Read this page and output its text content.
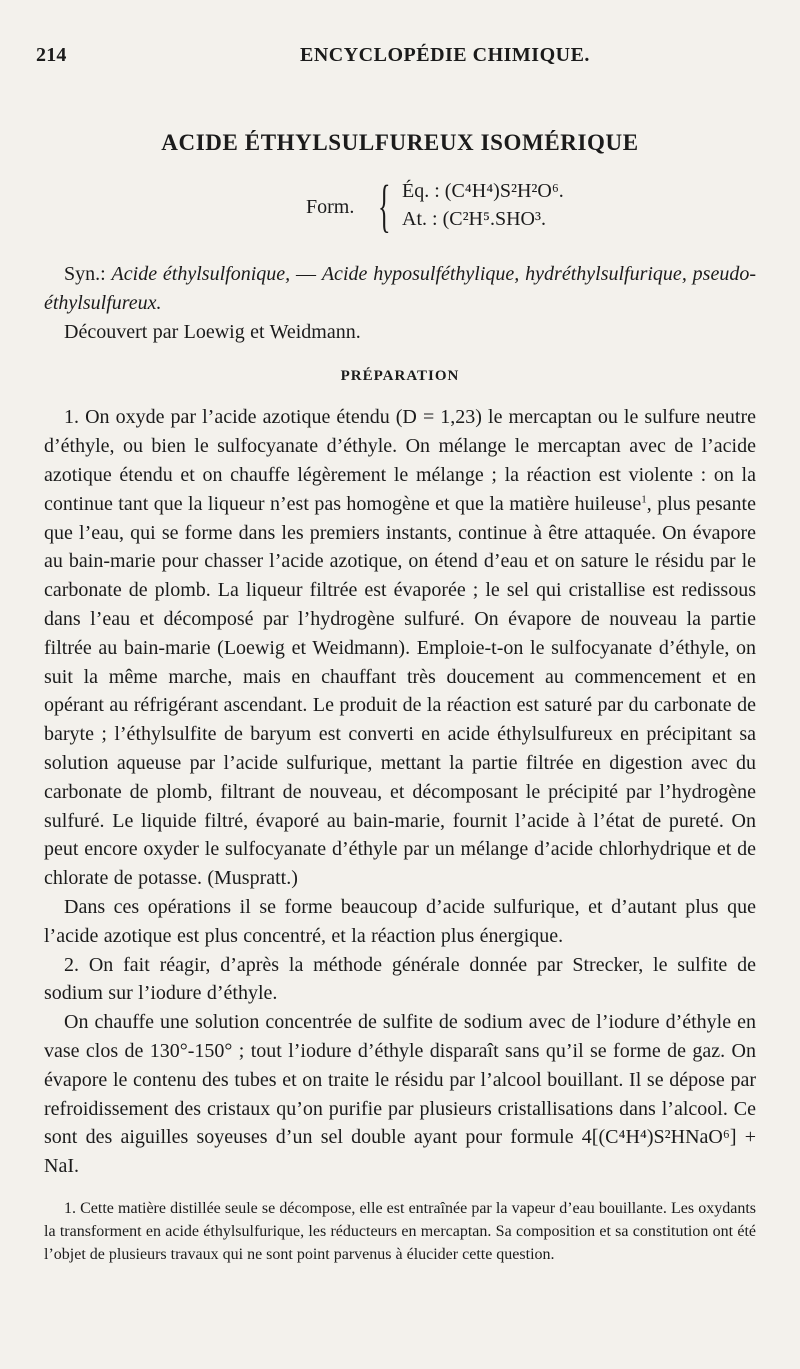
214	ENCYCLOPÉDIE CHIMIQUE.
ACIDE ÉTHYLSULFUREUX ISOMÉRIQUE
Form. { Éq. : (C⁴H⁴)S²H²O⁶.
At. : (C²H⁵.SHO³.

Syn.: Acide éthylsulfonique, — Acide hyposulféthylique, hydréthylsulfurique, pseudo-éthylsulfureux.

Découvert par Loewig et Weidmann.

PRÉPARATION

1. On oxyde par l’acide azotique étendu (D = 1,23) le mercaptan ou le sulfure neutre d’éthyle, ou bien le sulfocyanate d’éthyle. On mélange le mercaptan avec de l’acide azotique étendu et on chauffe légèrement le mélange ; la réaction est violente : on la continue tant que la liqueur n’est pas homogène et que la matière huileuse$^1$, plus pesante que l’eau, qui se forme dans les premiers instants, continue à être attaquée. On évapore au bain-marie pour chasser l’acide azotique, on étend d’eau et on sature le résidu par le carbonate de plomb. La liqueur filtrée est évaporée ; le sel qui cristallise est redissous dans l’eau et décomposé par l’hydrogène sulfuré. On évapore de nouveau la partie filtrée au bain-marie (Loewig et Weidmann). Emploie-t-on le sulfocyanate d’éthyle, on suit la même marche, mais en chauffant très doucement au commencement et en opérant au réfrigérant ascendant. Le produit de la réaction est saturé par du carbonate de baryte ; l’éthylsulfite de baryum est converti en acide éthylsulfureux en précipitant sa solution aqueuse par l’acide sulfurique, mettant la partie filtrée en digestion avec du carbonate de plomb, filtrant de nouveau, et décomposant le précipité par l’hydrogène sulfuré. Le liquide filtré, évaporé au bain-marie, fournit l’acide à l’état de pureté. On peut encore oxyder le sulfocyanate d’éthyle par un mélange d’acide chlorhydrique et de chlorate de potasse. (Muspratt.)

Dans ces opérations il se forme beaucoup d’acide sulfurique, et d’autant plus que l’acide azotique est plus concentré, et la réaction plus énergique.

2. On fait réagir, d’après la méthode générale donnée par Strecker, le sulfite de sodium sur l’iodure d’éthyle.

On chauffe une solution concentrée de sulfite de sodium avec de l’iodure d’éthyle en vase clos de 130°-150° ; tout l’iodure d’éthyle disparaît sans qu’il se forme de gaz. On évapore le contenu des tubes et on traite le résidu par l’alcool bouillant. Il se dépose par refroidissement des cristaux qu’on purifie par plusieurs cristallisations dans l’alcool. Ce sont des aiguilles soyeuses d’un sel double ayant pour formule 4[(C⁴H⁴)S²HNaO⁶] + NaI.

1. Cette matière distillée seule se décompose, elle est entraînée par la vapeur d’eau bouillante. Les oxydants la transforment en acide éthylsulfurique, les réducteurs en mercaptan. Sa composition et sa constitution ont été l’objet de plusieurs travaux qui ne sont point parvenus à élucider cette question.
